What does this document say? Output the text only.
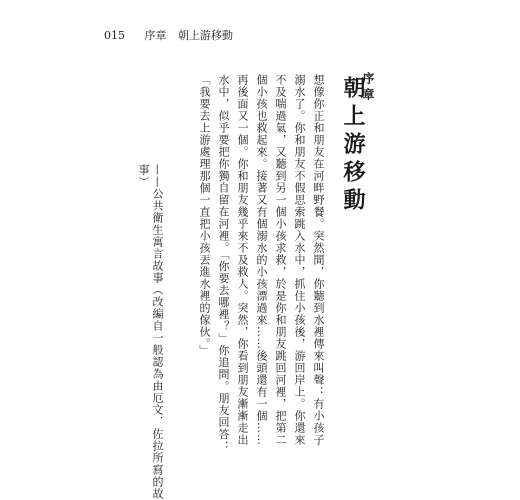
015 序章 朝上游移動
序章
朝上游移動

想像你正和朋友在河畔野餐。突然間，你聽到水裡傳來叫聲：有小孩子溺水了。你和朋友不假思索跳入水中，抓住小孩後，游回岸上。你還來不及喘過氣，又聽到另一個小孩求救，於是你和朋友跳回河裡，把第二個小孩也救起來。接著又有個溺水的小孩漂過來……後頭還有一個……再後面又一個。你和朋友幾乎來不及救人。突然，你看到朋友漸漸走出水中，似乎要把你獨自留在河裡。「你要去哪裡？」你追問。朋友回答：「我要去上游處理那個一直把小孩丟進水裡的傢伙。」

——公共衛生寓言故事（改編自一般認為由厄文．佐拉所寫的故事）
